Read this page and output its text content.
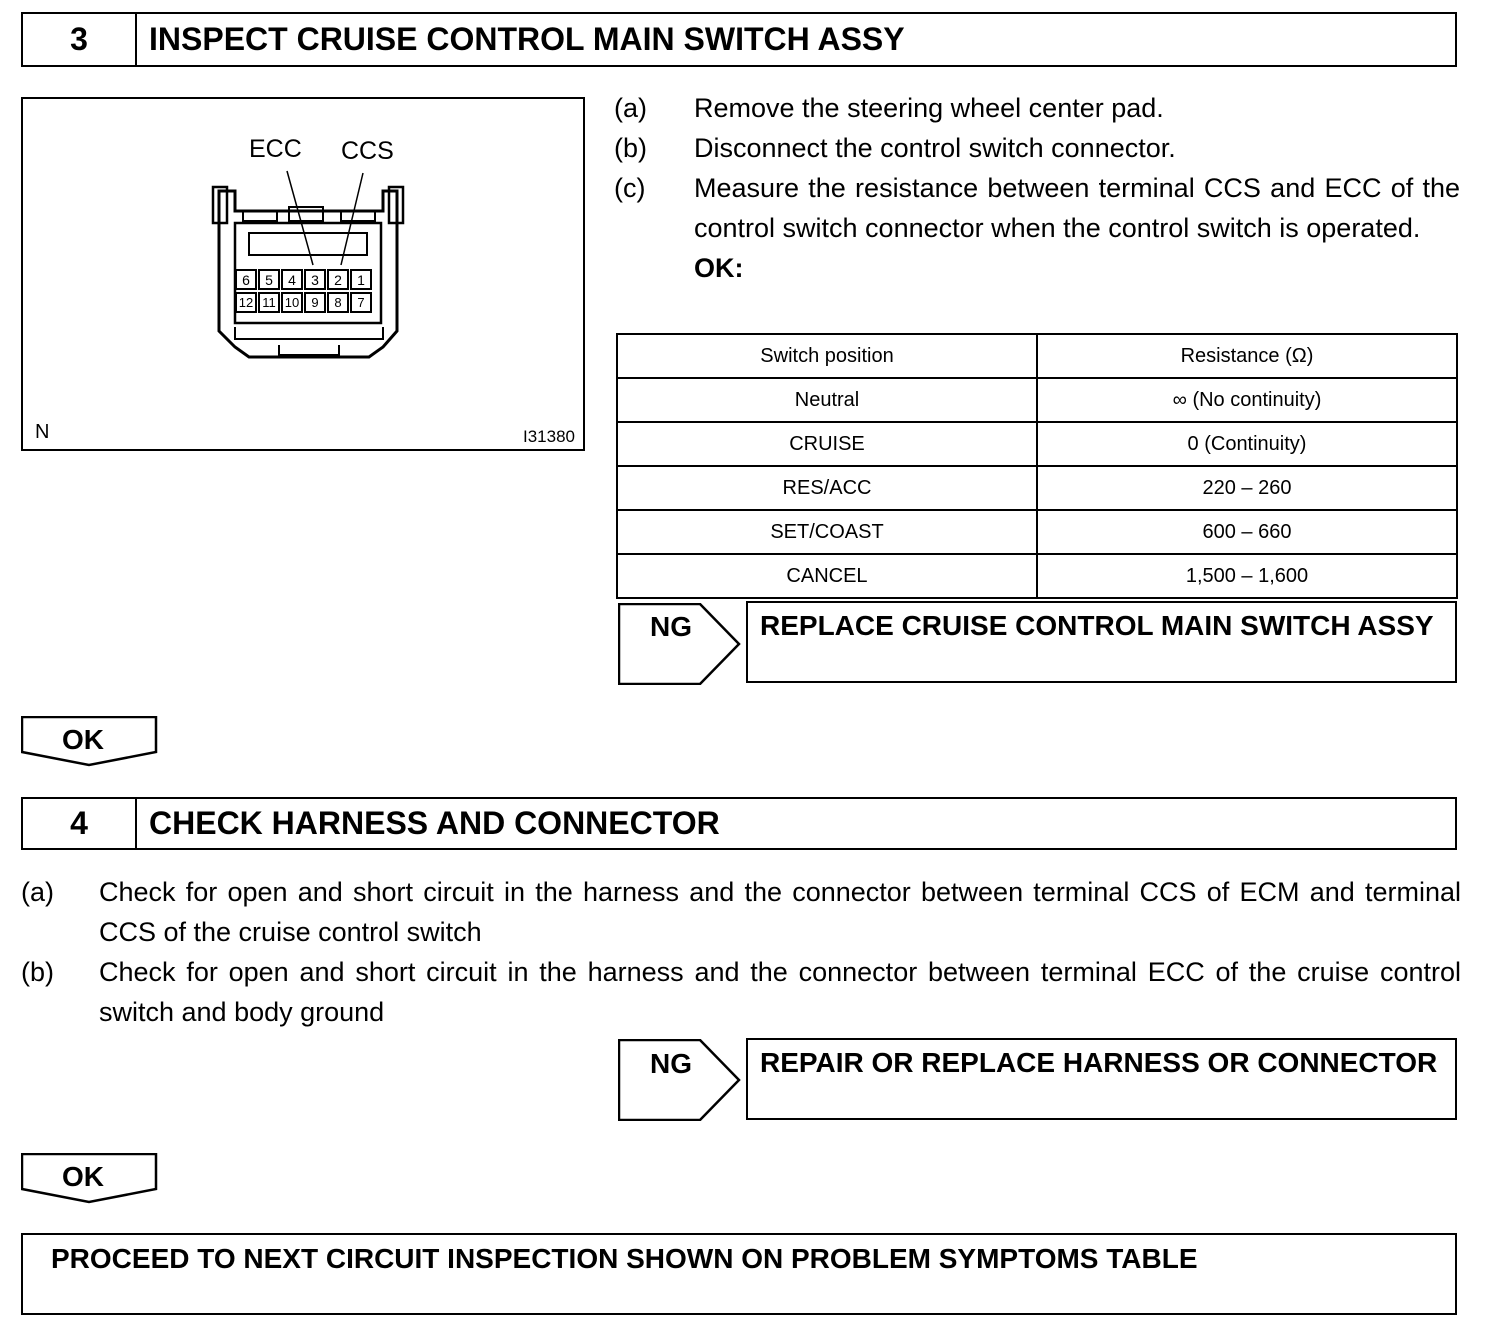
3	INSPECT CRUISE CONTROL MAIN SWITCH ASSY
ECC CCS
6	5	4	3	2	1
12 11 10 9	8	7
N	I31380
(a)	Remove the steering wheel center pad.
(b)	Disconnect the control switch connector.
(c)	Measure the resistance between terminal CCS and ECC of the control switch connector when the control switch is operated.
OK:
Switch position	Resistance (Ω)
Neutral	∞ (No continuity)
CRUISE	0 (Continuity)
RES/ACC	220 – 260
SET/COAST	600 – 660
CANCEL	1,500 – 1,600
NG	REPLACE CRUISE CONTROL MAIN SWITCH ASSY
OK
4	CHECK HARNESS AND CONNECTOR
(a)	Check for open and short circuit in the harness and the connector between terminal CCS of ECM and terminal CCS of the cruise control switch
(b)	Check for open and short circuit in the harness and the connector between terminal ECC of the cruise control switch and body ground
NG	REPAIR OR REPLACE HARNESS OR CONNECTOR
OK
PROCEED TO NEXT CIRCUIT INSPECTION SHOWN ON PROBLEM SYMPTOMS TABLE
